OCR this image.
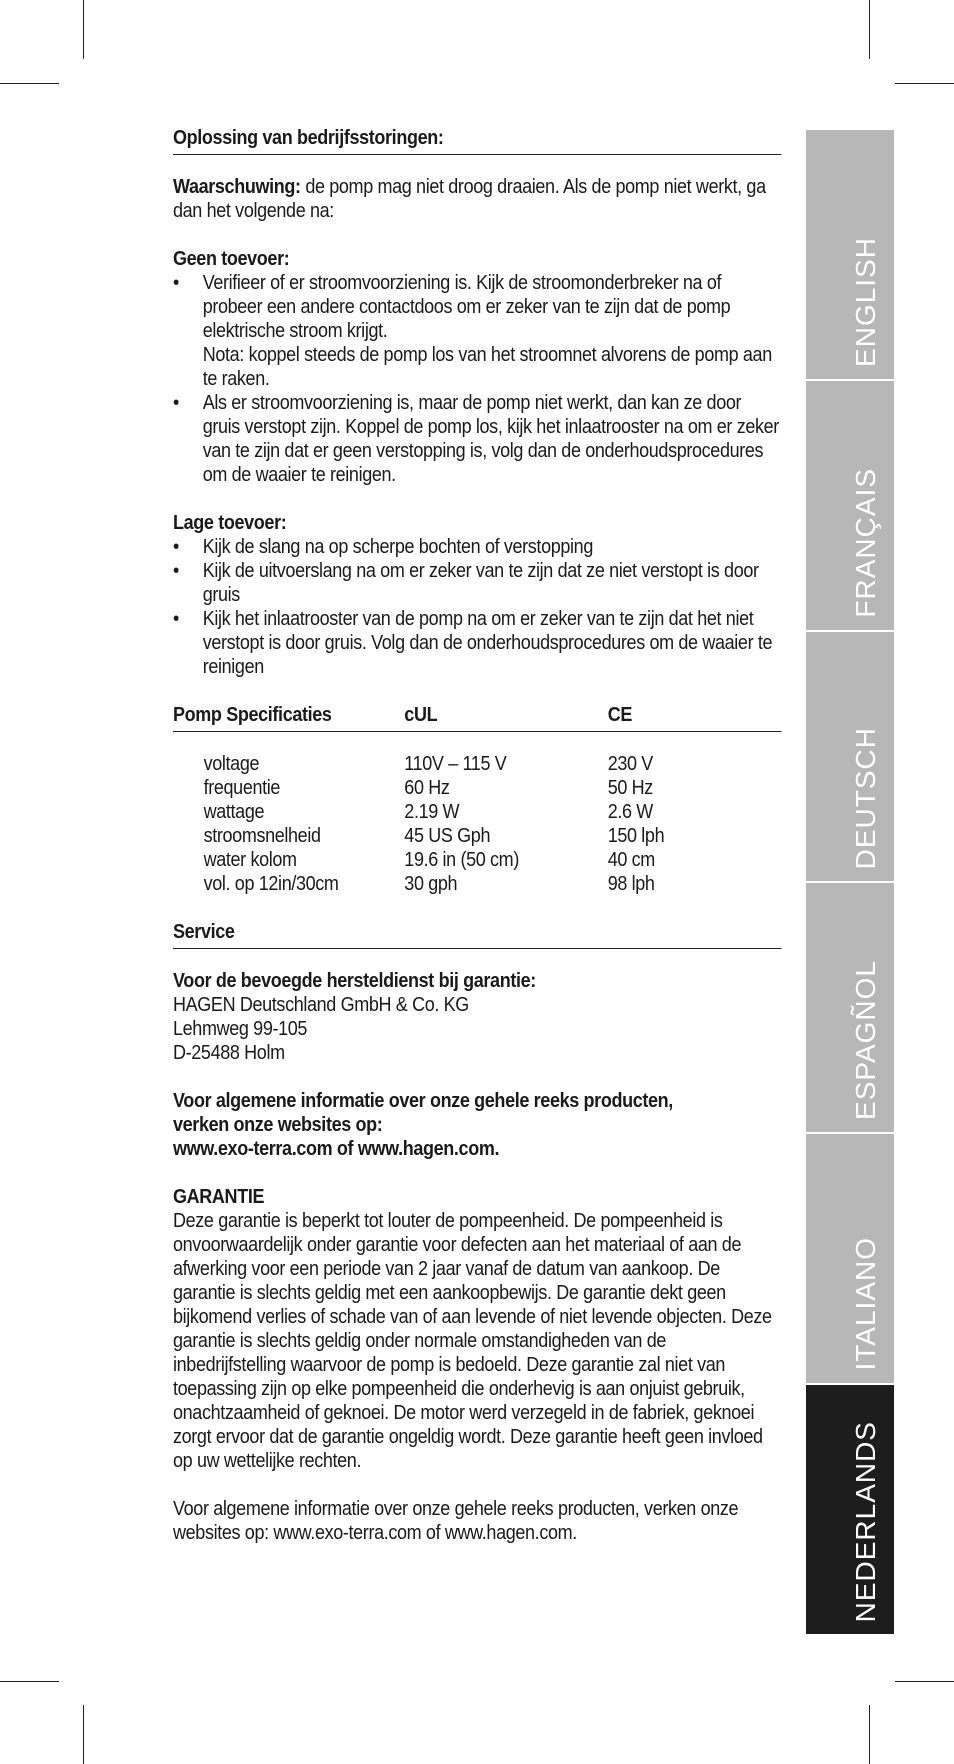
Oplossing van bedrijfsstoringen:

Waarschuwing: de pomp mag niet droog draaien. Als de pomp niet werkt, ga dan het volgende na:

Geen toevoer:
• Verifieer of er stroomvoorziening is. Kijk de stroomonderbreker na of probeer een andere contactdoos om er zeker van te zijn dat de pomp elektrische stroom krijgt.
Nota: koppel steeds de pomp los van het stroomnet alvorens de pomp aan te raken.
• Als er stroomvoorziening is, maar de pomp niet werkt, dan kan ze door gruis verstopt zijn. Koppel de pomp los, kijk het inlaatrooster na om er zeker van te zijn dat er geen verstopping is, volg dan de onderhoudsprocedures om de waaier te reinigen.
Lage toevoer:
• Kijk de slang na op scherpe bochten of verstopping
• Kijk de uitvoerslang na om er zeker van te zijn dat ze niet verstopt is door gruis
• Kijk het inlaatrooster van de pomp na om er zeker van te zijn dat het niet verstopt is door gruis. Volg dan de onderhoudsprocedures om de waaier te reinigen
Pomp Specificaties	cUL	CE
voltage	110V – 115 V	230 V
frequentie	60 Hz	50 Hz
wattage	2.19 W	2.6 W
stroomsnelheid	45 US Gph	150 lph
water kolom	19.6 in (50 cm)	40 cm
vol. op 12in/30cm	30 gph	98 lph
Service
Voor de bevoegde hersteldienst bij garantie:
HAGEN Deutschland GmbH & Co. KG
Lehmweg 99-105
D-25488 Holm
Voor algemene informatie over onze gehele reeks producten,
verken onze websites op:
www.exo-terra.com of www.hagen.com.
GARANTIE

Deze garantie is beperkt tot louter de pompeenheid. De pompeenheid is onvoorwaardelijk onder garantie voor defecten aan het materiaal of aan de afwerking voor een periode van 2 jaar vanaf de datum van aankoop. De garantie is slechts geldig met een aankoopbewijs. De garantie dekt geen bijkomend verlies of schade van of aan levende of niet levende objecten. Deze garantie is slechts geldig onder normale omstandigheden van de inbedrijfstelling waarvoor de pomp is bedoeld. Deze garantie zal niet van toepassing zijn op elke pompeenheid die onderhevig is aan onjuist gebruik, onachtzaamheid of geknoei. De motor werd verzegeld in de fabriek, geknoei zorgt ervoor dat de garantie ongeldig wordt. Deze garantie heeft geen invloed op uw wettelijke rechten.

Voor algemene informatie over onze gehele reeks producten, verken onze websites op: www.exo-terra.com of www.hagen.com.

ENGLISH
FRANÇAIS
DEUTSCH
ESPAGÑOL
ITALIANO
NEDERLANDS
